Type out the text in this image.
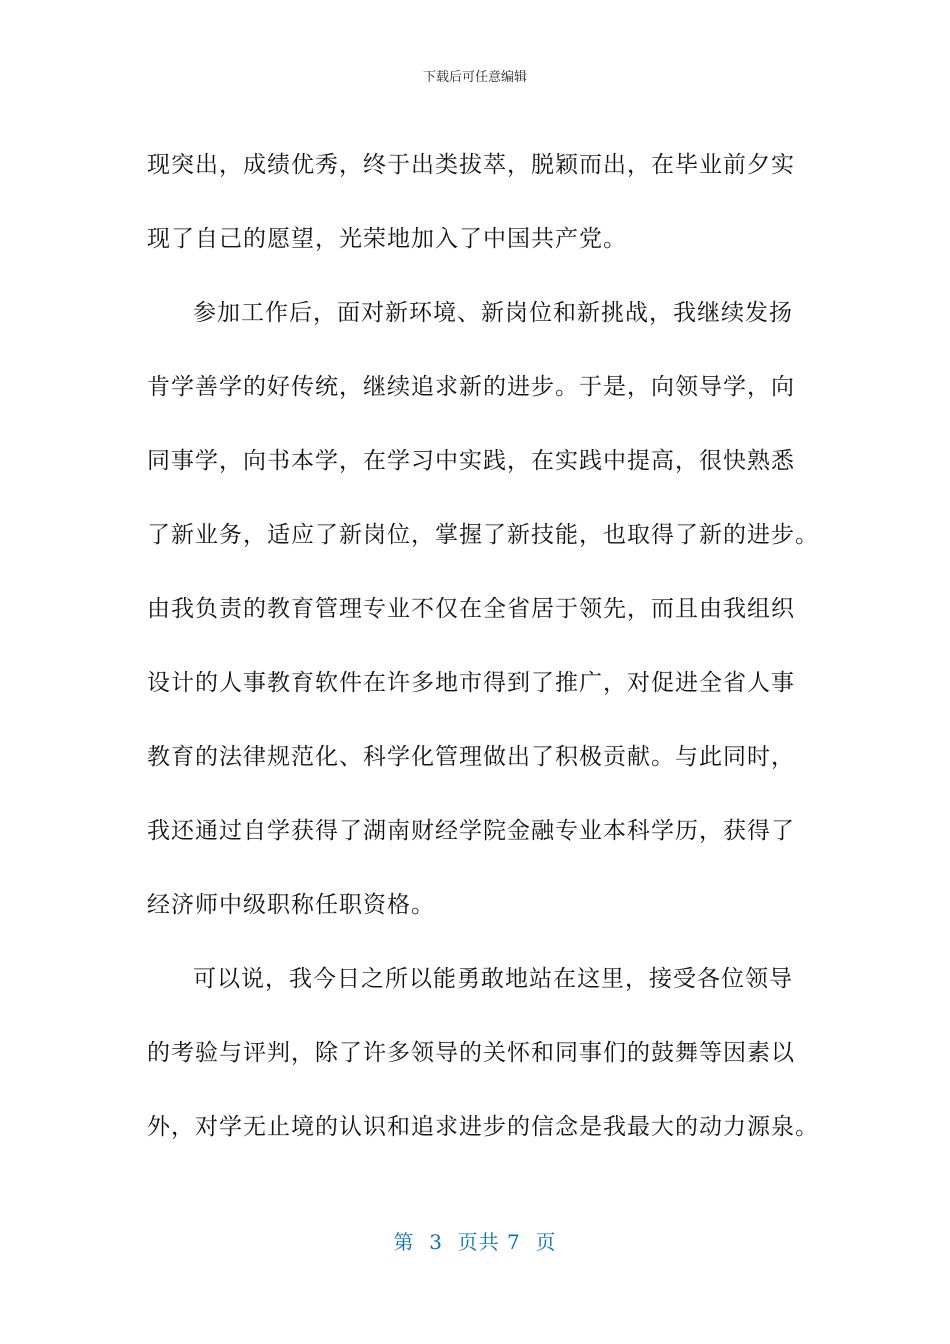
下载后可任意编辑
现突出，成绩优秀，终于出类拔萃，脱颖而出，在毕业前夕实
现了自己的愿望，光荣地加入了中国共产党。
参加工作后，面对新环境、新岗位和新挑战，我继续发扬
肯学善学的好传统，继续追求新的进步。于是，向领导学，向
同事学，向书本学，在学习中实践，在实践中提高，很快熟悉
了新业务，适应了新岗位，掌握了新技能，也取得了新的进步。
由我负责的教育管理专业不仅在全省居于领先，而且由我组织
设计的人事教育软件在许多地市得到了推广，对促进全省人事
教育的法律规范化、科学化管理做出了积极贡献。与此同时，
我还通过自学获得了湖南财经学院金融专业本科学历，获得了
经济师中级职称任职资格。
可以说，我今日之所以能勇敢地站在这里，接受各位领导
的考验与评判，除了许多领导的关怀和同事们的鼓舞等因素以
外，对学无止境的认识和追求进步的信念是我最大的动力源泉。
第  3  页共 7  页
